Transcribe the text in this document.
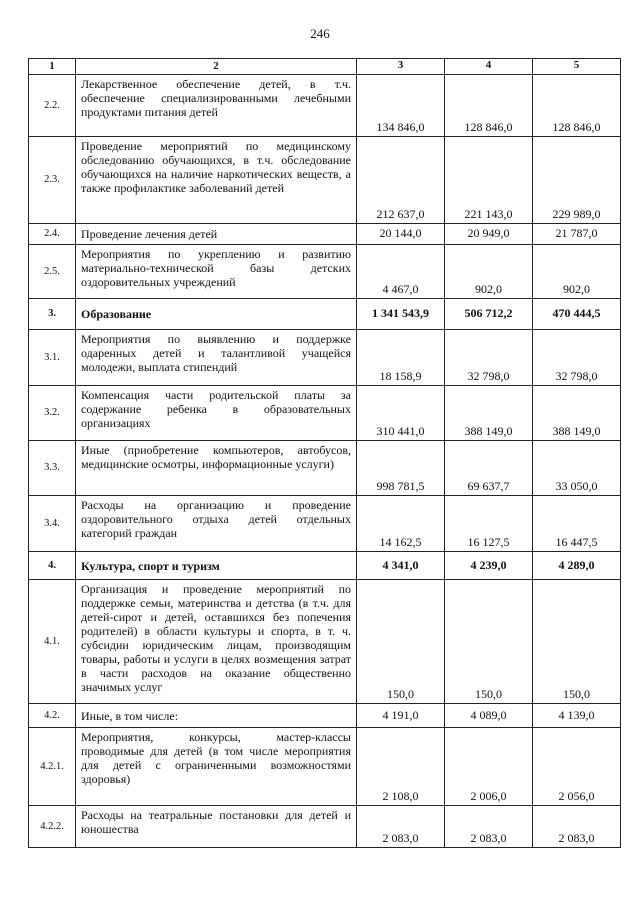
246
1	2	3	4	5
2.2.	Лекарственное обеспечение детей, в т.ч. обеспечение специализированными лечебными продуктами питания детей	134 846,0	128 846,0	128 846,0
2.3.	Проведение мероприятий по медицинскому обследованию обучающихся, в т.ч. обследование обучающихся на наличие наркотических веществ, а также профилактике заболеваний детей	212 637,0	221 143,0	229 989,0
2.4.	Проведение лечения детей	20 144,0	20 949,0	21 787,0
2.5.	Мероприятия по укреплению и развитию материально-технической базы детских оздоровительных учреждений	4 467,0	902,0	902,0
3.	Образование	1 341 543,9	506 712,2	470 444,5
3.1.	Мероприятия по выявлению и поддержке одаренных детей и талантливой учащейся молодежи, выплата стипендий	18 158,9	32 798,0	32 798,0
3.2.	Компенсация части родительской платы за содержание ребенка в образовательных организациях	310 441,0	388 149,0	388 149,0
3.3.	Иные (приобретение компьютеров, автобусов, медицинские осмотры, информационные услуги)	998 781,5	69 637,7	33 050,0
3.4.	Расходы на организацию и проведение оздоровительного отдыха детей отдельных категорий граждан	14 162,5	16 127,5	16 447,5
4.	Культура, спорт и туризм	4 341,0	4 239,0	4 289,0
4.1.	Организация и проведение мероприятий по поддержке семьи, материнства и детства (в т.ч. для детей-сирот и детей, оставшихся без попечения родителей) в области культуры и спорта, в т. ч. субсидии юридическим лицам, производящим товары, работы и услуги в целях возмещения затрат в части расходов на оказание общественно значимых услуг	150,0	150,0	150,0
4.2.	Иные, в том числе:	4 191,0	4 089,0	4 139,0
4.2.1.	Мероприятия, конкурсы, мастер-классы проводимые для детей (в том числе мероприятия для детей с ограниченными возможностями здоровья)	2 108,0	2 006,0	2 056,0
4.2.2.	Расходы на театральные постановки для детей и юношества	2 083,0	2 083,0	2 083,0
